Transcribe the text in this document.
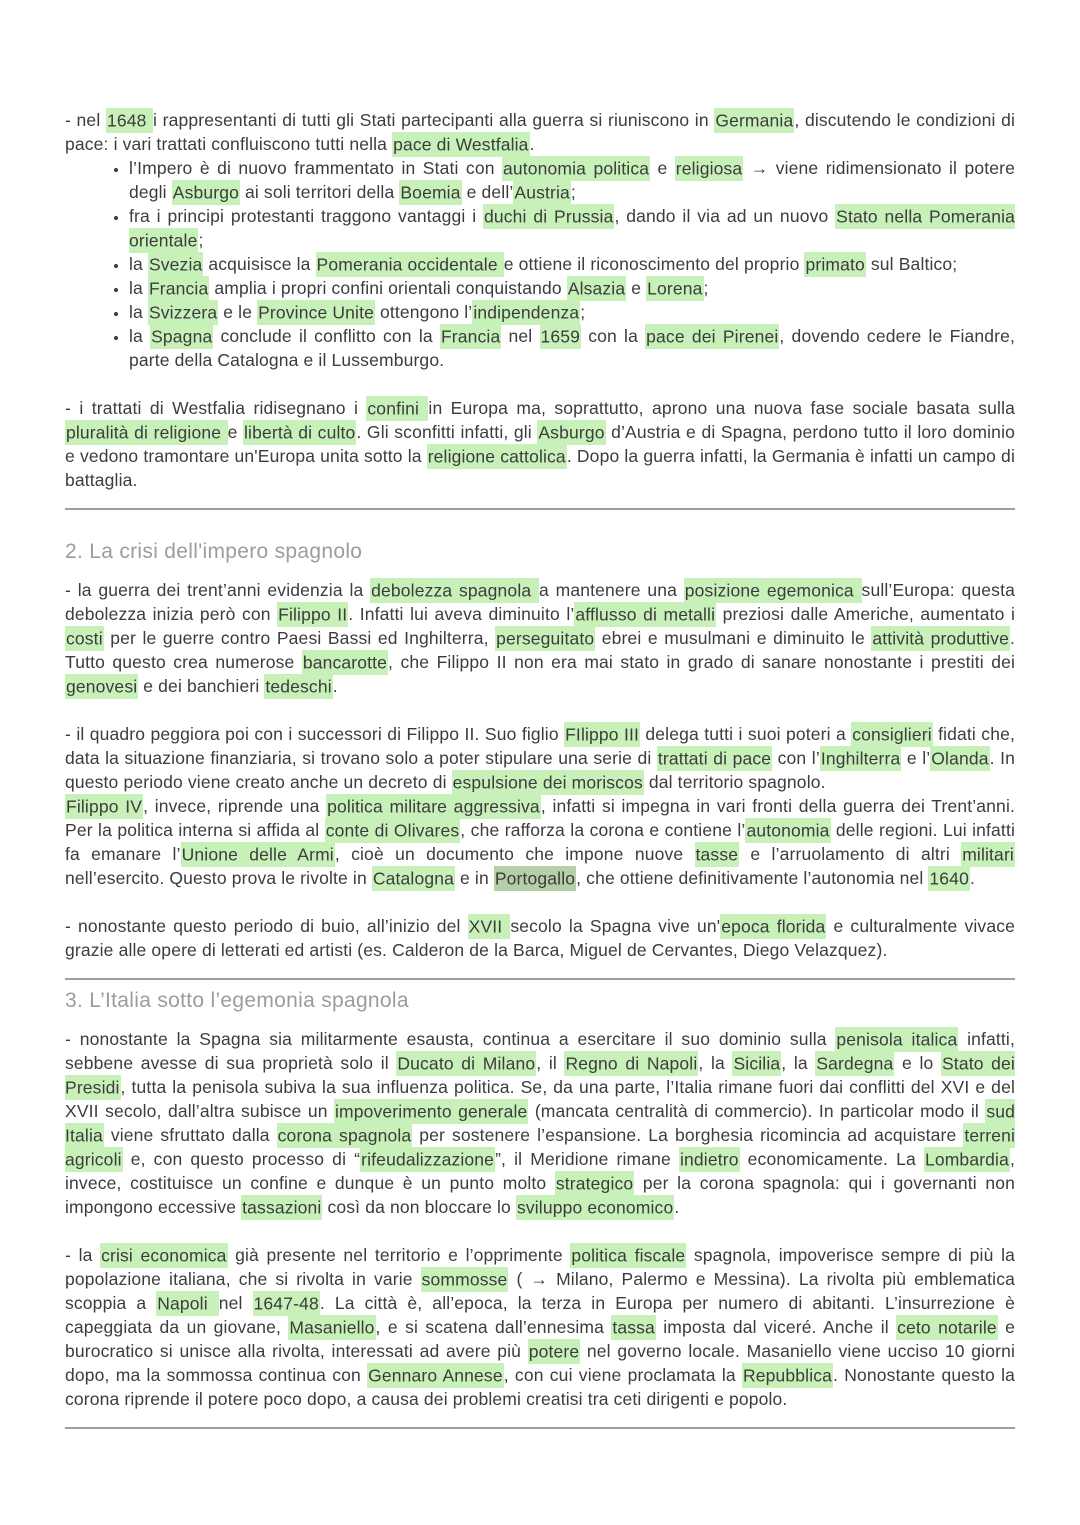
- nel 1648 i rappresentanti di tutti gli Stati partecipanti alla guerra si riuniscono in Germania, discutendo le condizioni di pace: i vari trattati confluiscono tutti nella pace di Westfalia.

• l’Impero è di nuovo frammentato in Stati con autonomia politica e religiosa → viene ridimensionato il potere degli Asburgo ai soli territori della Boemia e dell’Austria;
• fra i principi protestanti traggono vantaggi i duchi di Prussia, dando il via ad un nuovo Stato nella Pomerania orientale;
• la Svezia acquisisce la Pomerania occidentale e ottiene il riconoscimento del proprio primato sul Baltico;
• la Francia amplia i propri confini orientali conquistando Alsazia e Lorena;
• la Svizzera e le Province Unite ottengono l’indipendenza;
• la Spagna conclude il conflitto con la Francia nel 1659 con la pace dei Pirenei, dovendo cedere le Fiandre, parte della Catalogna e il Lussemburgo.

- i trattati di Westfalia ridisegnano i confini in Europa ma, soprattutto, aprono una nuova fase sociale basata sulla pluralità di religione e libertà di culto. Gli sconfitti infatti, gli Asburgo d’Austria e di Spagna, perdono tutto il loro dominio e vedono tramontare un'Europa unita sotto la religione cattolica. Dopo la guerra infatti, la Germania è infatti un campo di battaglia.

2. La crisi dell'impero spagnolo

- la guerra dei trent’anni evidenzia la debolezza spagnola a mantenere una posizione egemonica sull’Europa: questa debolezza inizia però con Filippo II. Infatti lui aveva diminuito l’afflusso di metalli preziosi dalle Americhe, aumentato i costi per le guerre contro Paesi Bassi ed Inghilterra, perseguitato ebrei e musulmani e diminuito le attività produttive. Tutto questo crea numerose bancarotte, che Filippo II non era mai stato in grado di sanare nonostante i prestiti dei genovesi e dei banchieri tedeschi.

- il quadro peggiora poi con i successori di Filippo II. Suo figlio FIlippo III delega tutti i suoi poteri a consiglieri fidati che, data la situazione finanziaria, si trovano solo a poter stipulare una serie di trattati di pace con l’Inghilterra e l’Olanda. In questo periodo viene creato anche un decreto di espulsione dei moriscos dal territorio spagnolo.

Filippo IV, invece, riprende una politica militare aggressiva, infatti si impegna in vari fronti della guerra dei Trent’anni. Per la politica interna si affida al conte di Olivares, che rafforza la corona e contiene l’autonomia delle regioni. Lui infatti fa emanare l’Unione delle Armi, cioè un documento che impone nuove tasse e l’arruolamento di altri militari nell’esercito. Questo prova le rivolte in Catalogna e in Portogallo, che ottiene definitivamente l’autonomia nel 1640.

- nonostante questo periodo di buio, all’inizio del XVII secolo la Spagna vive un'epoca florida e culturalmente vivace grazie alle opere di letterati ed artisti (es. Calderon de la Barca, Miguel de Cervantes, Diego Velazquez).

3. L’Italia sotto l’egemonia spagnola

- nonostante la Spagna sia militarmente esausta, continua a esercitare il suo dominio sulla penisola italica infatti, sebbene avesse di sua proprietà solo il Ducato di Milano, il Regno di Napoli, la Sicilia, la Sardegna e lo Stato dei Presidi, tutta la penisola subiva la sua influenza politica. Se, da una parte, l’Italia rimane fuori dai conflitti del XVI e del XVII secolo, dall’altra subisce un impoverimento generale (mancata centralità di commercio). In particolar modo il sud Italia viene sfruttato dalla corona spagnola per sostenere l’espansione. La borghesia ricomincia ad acquistare terreni agricoli e, con questo processo di “rifeudalizzazione”, il Meridione rimane indietro economicamente. La Lombardia, invece, costituisce un confine e dunque è un punto molto strategico per la corona spagnola: qui i governanti non impongono eccessive tassazioni così da non bloccare lo sviluppo economico.

- la crisi economica già presente nel territorio e l’opprimente politica fiscale spagnola, impoverisce sempre di più la popolazione italiana, che si rivolta in varie sommosse ( → Milano, Palermo e Messina). La rivolta più emblematica scoppia a Napoli nel 1647-48. La città è, all’epoca, la terza in Europa per numero di abitanti. L’insurrezione è capeggiata da un giovane, Masaniello, e si scatena dall’ennesima tassa imposta dal viceré. Anche il ceto notarile e burocratico si unisce alla rivolta, interessati ad avere più potere nel governo locale. Masaniello viene ucciso 10 giorni dopo, ma la sommossa continua con Gennaro Annese, con cui viene proclamata la Repubblica. Nonostante questo la corona riprende il potere poco dopo, a causa dei problemi creatisi tra ceti dirigenti e popolo.
